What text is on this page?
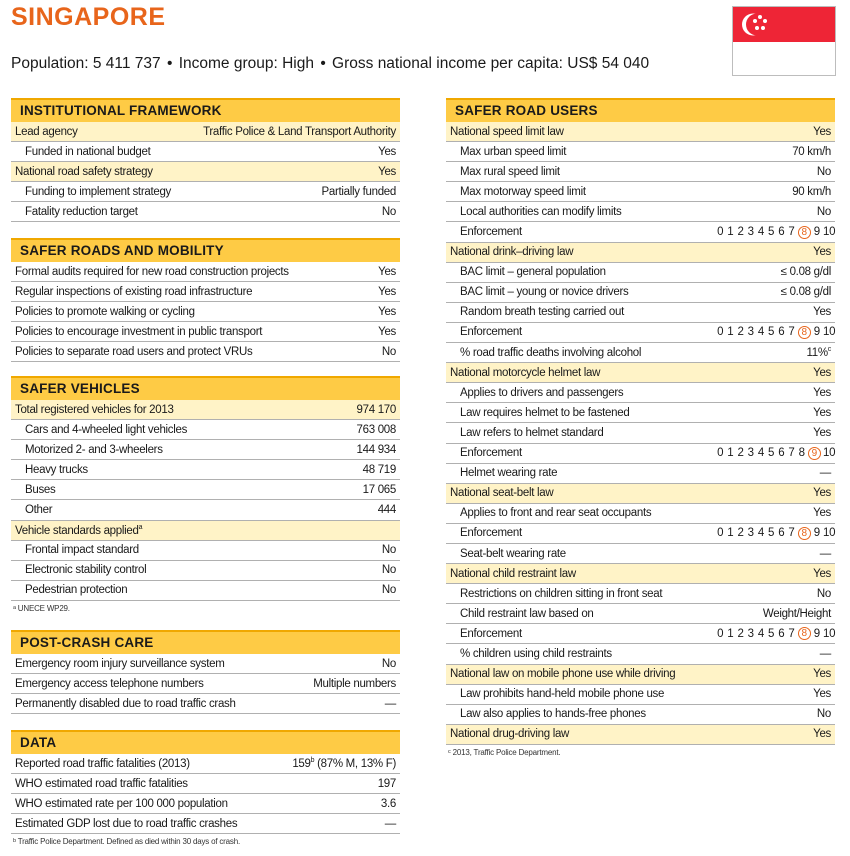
SINGAPORE
Population: 5 411 737 • Income group: High • Gross national income per capita: US$ 54 040
INSTITUTIONAL FRAMEWORK
Lead agency	Traffic Police & Land Transport Authority
Funded in national budget	Yes
National road safety strategy	Yes
Funding to implement strategy	Partially funded
Fatality reduction target	No
SAFER ROADS AND MOBILITY
Formal audits required for new road construction projects	Yes
Regular inspections of existing road infrastructure	Yes
Policies to promote walking or cycling	Yes
Policies to encourage investment in public transport	Yes
Policies to separate road users and protect VRUs	No
SAFER VEHICLES
Total registered vehicles for 2013	974 170
Cars and 4-wheeled light vehicles	763 008
Motorized 2- and 3-wheelers	144 934
Heavy trucks	48 719
Buses	17 065
Other	444
Vehicle standards applied$^a$
Frontal impact standard	No
Electronic stability control	No
Pedestrian protection	No
ᵃ UNECE WP29.
POST-CRASH CARE
Emergency room injury surveillance system	No
Emergency access telephone numbers	Multiple numbers
Permanently disabled due to road traffic crash	—
DATA
Reported road traffic fatalities (2013)	159$^b$ (87% M, 13% F)
WHO estimated road traffic fatalities	197
WHO estimated rate per 100 000 population	3.6
Estimated GDP lost due to road traffic crashes	—
ᵇ Traffic Police Department. Defined as died within 30 days of crash.
SAFER ROAD USERS
National speed limit law	Yes
Max urban speed limit	70 km/h
Max rural speed limit	No
Max motorway speed limit	90 km/h
Local authorities can modify limits	No
Enforcement	0 1 2 3 4 5 6 7 8 9 10
National drink–driving law	Yes
BAC limit – general population	≤ 0.08 g/dl
BAC limit – young or novice drivers	≤ 0.08 g/dl
Random breath testing carried out	Yes
Enforcement	0 1 2 3 4 5 6 7 8 9 10
% road traffic deaths involving alcohol	11%$^c$
National motorcycle helmet law	Yes
Applies to drivers and passengers	Yes
Law requires helmet to be fastened	Yes
Law refers to helmet standard	Yes
Enforcement	0 1 2 3 4 5 6 7 8 9 10
Helmet wearing rate	—
National seat-belt law	Yes
Applies to front and rear seat occupants	Yes
Enforcement	0 1 2 3 4 5 6 7 8 9 10
Seat-belt wearing rate	—
National child restraint law	Yes
Restrictions on children sitting in front seat	No
Child restraint law based on	Weight/Height
Enforcement	0 1 2 3 4 5 6 7 8 9 10
% children using child restraints	—
National law on mobile phone use while driving	Yes
Law prohibits hand-held mobile phone use	Yes
Law also applies to hands-free phones	No
National drug-driving law	Yes
ᶜ 2013, Traffic Police Department.
